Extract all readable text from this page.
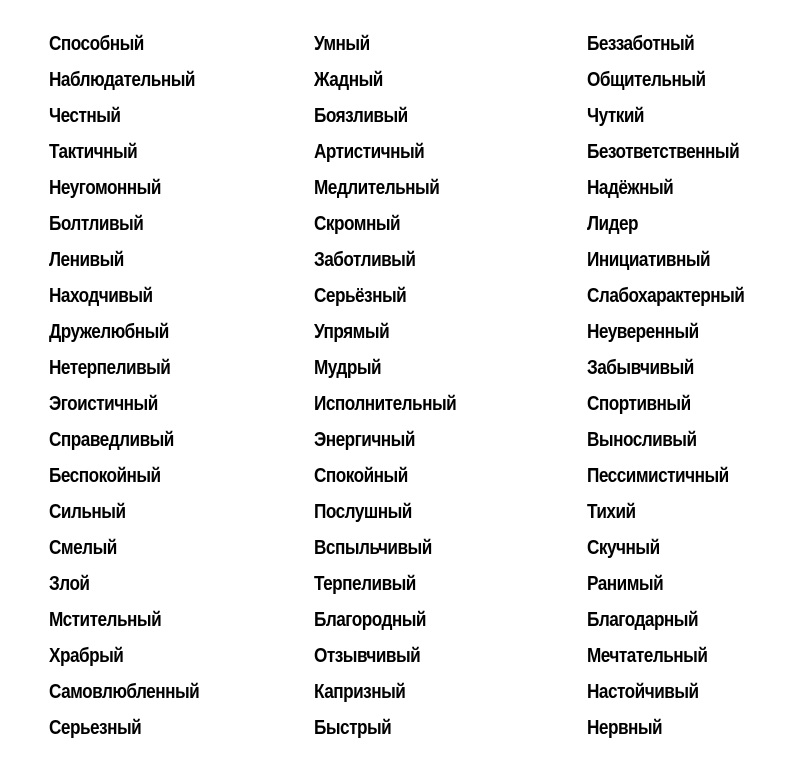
Способный
Наблюдательный
Честный
Тактичный
Неугомонный
Болтливый
Ленивый
Находчивый
Дружелюбный
Нетерпеливый
Эгоистичный
Справедливый
Беспокойный
Сильный
Смелый
Злой
Мстительный
Храбрый
Самовлюбленный
Серьезный
Умный
Жадный
Боязливый
Артистичный
Медлительный
Скромный
Заботливый
Серьёзный
Упрямый
Мудрый
Исполнительный
Энергичный
Спокойный
Послушный
Вспыльчивый
Терпеливый
Благородный
Отзывчивый
Капризный
Быстрый
Беззаботный
Общительный
Чуткий
Безответственный
Надёжный
Лидер
Инициативный
Слабохарактерный
Неуверенный
Забывчивый
Спортивный
Выносливый
Пессимистичный
Тихий
Скучный
Ранимый
Благодарный
Мечтательный
Настойчивый
Нервный
